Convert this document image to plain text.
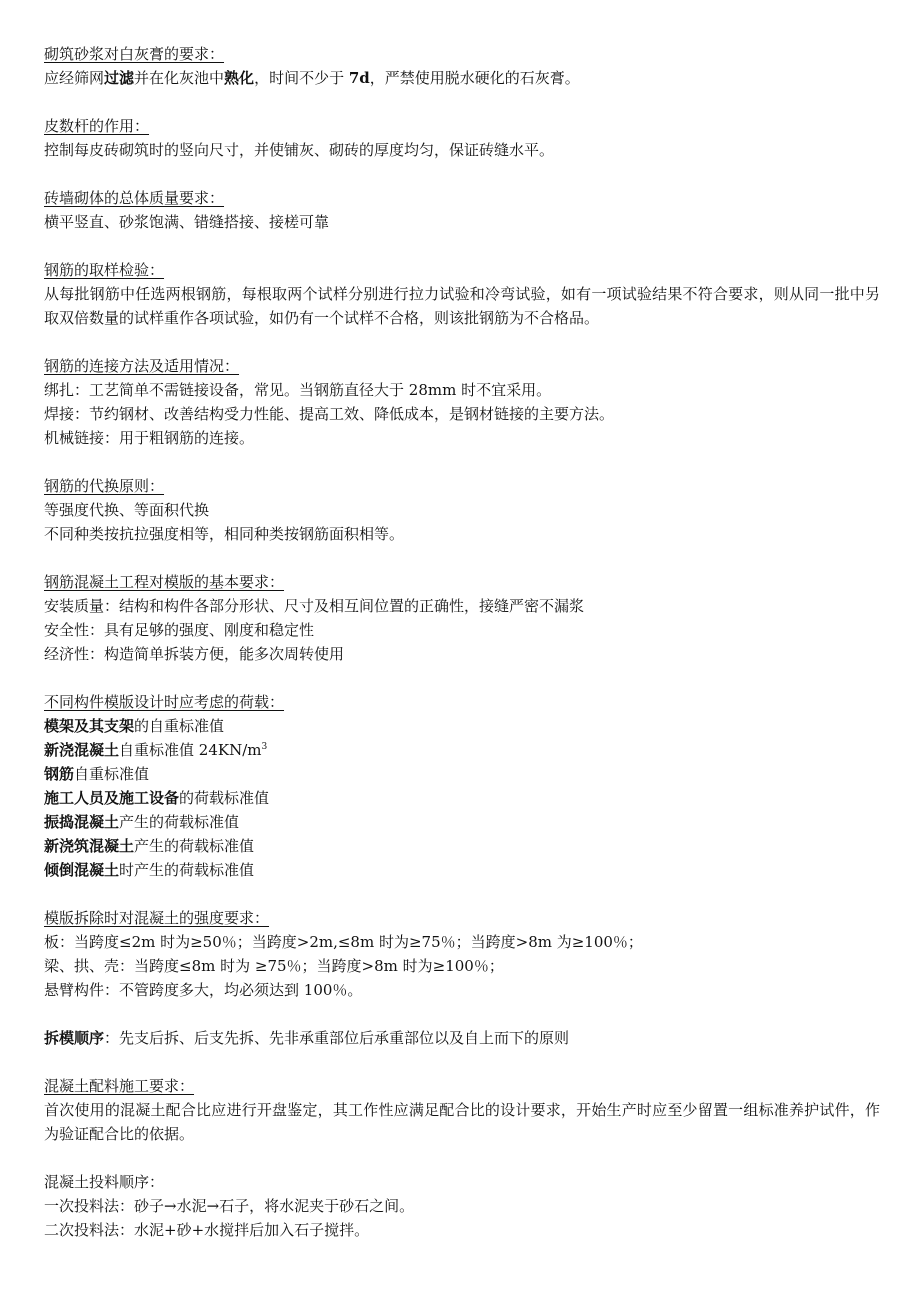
砌筑砂浆对白灰膏的要求：
应经筛网过滤并在化灰池中熟化，时间不少于 7d，严禁使用脱水硬化的石灰膏。
皮数杆的作用：
控制每皮砖砌筑时的竖向尺寸，并使铺灰、砌砖的厚度均匀，保证砖缝水平。
砖墙砌体的总体质量要求：
横平竖直、砂浆饱满、错缝搭接、接槎可靠
钢筋的取样检验：
从每批钢筋中任选两根钢筋，每根取两个试样分别进行拉力试验和冷弯试验，如有一项试验结果不符合要求，则从同一批中另取双倍数量的试样重作各项试验，如仍有一个试样不合格，则该批钢筋为不合格品。
钢筋的连接方法及适用情况：
绑扎：工艺简单不需链接设备，常见。当钢筋直径大于 28mm 时不宜采用。
焊接：节约钢材、改善结构受力性能、提高工效、降低成本，是钢材链接的主要方法。
机械链接：用于粗钢筋的连接。
钢筋的代换原则：
等强度代换、等面积代换
不同种类按抗拉强度相等，相同种类按钢筋面积相等。
钢筋混凝土工程对模版的基本要求：
安装质量：结构和构件各部分形状、尺寸及相互间位置的正确性，接缝严密不漏浆
安全性：具有足够的强度、刚度和稳定性
经济性：构造简单拆装方便，能多次周转使用
不同构件模版设计时应考虑的荷载：
模架及其支架的自重标准值
新浇混凝土自重标准值 $24KN/m^3$
钢筋自重标准值
施工人员及施工设备的荷载标准值
振捣混凝土产生的荷载标准值
新浇筑混凝土产生的荷载标准值
倾倒混凝土时产生的荷载标准值
模版拆除时对混凝土的强度要求：
板：当跨度≤2m 时为≥50％；当跨度>2m,≤8m 时为≥75％；当跨度>8m 为≥100％；
梁、拱、壳：当跨度≤8m 时为 ≥75％；当跨度>8m 时为≥100％；
悬臂构件：不管跨度多大，均必须达到 100％。
拆模顺序：先支后拆、后支先拆、先非承重部位后承重部位以及自上而下的原则
混凝土配料施工要求：
首次使用的混凝土配合比应进行开盘鉴定，其工作性应满足配合比的设计要求，开始生产时应至少留置一组标准养护试件，作为验证配合比的依据。
混凝土投料顺序：
一次投料法：砂子→水泥→石子，将水泥夹于砂石之间。
二次投料法：水泥+砂+水搅拌后加入石子搅拌。
